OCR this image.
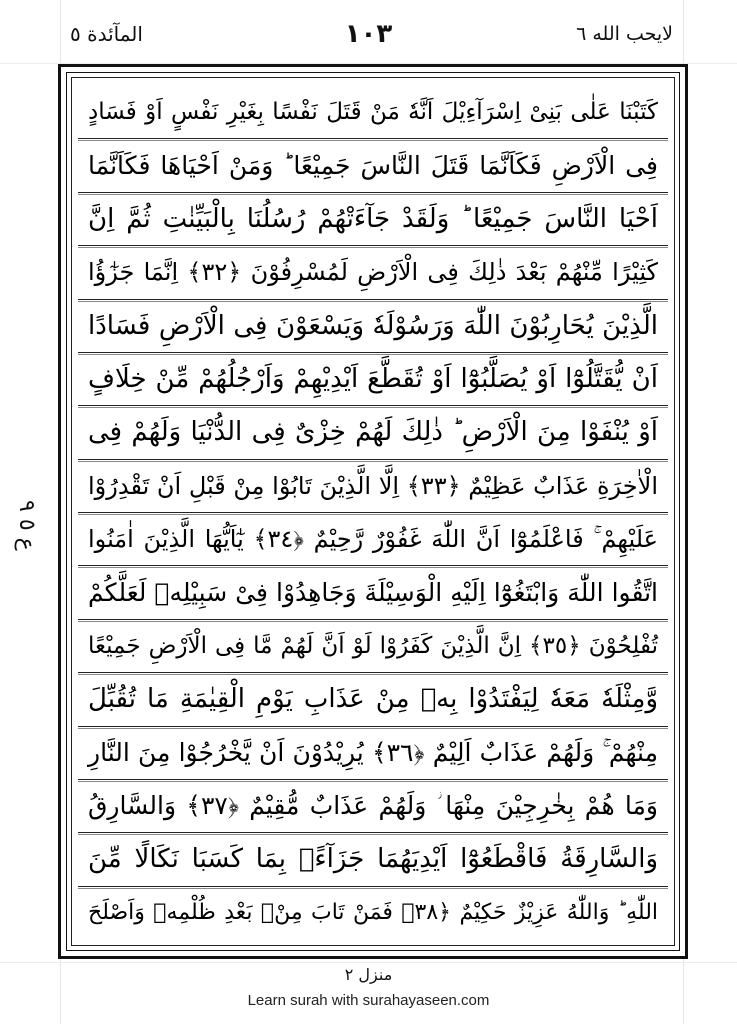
لایحب الله ٦
١٠٣
المآئدة ٥
ع ٥ ٩
كَتَبْنَا عَلٰى بَنِىْ اِسْرَآءِيْلَ اَنَّهٗ مَنْ قَتَلَ نَفْسًا بِغَيْرِ نَفْسٍ اَوْ فَسَادٍ
فِى الْاَرْضِ فَكَاَنَّمَا قَتَلَ النَّاسَ جَمِيْعًا ؕ وَمَنْ اَحْيَاهَا فَكَاَنَّمَا
اَحْيَا النَّاسَ جَمِيْعًا ؕ وَلَقَدْ جَآءَتْهُمْ رُسُلُنَا بِالْبَيِّنٰتِ ثُمَّ اِنَّ
كَثِيْرًا مِّنْهُمْ بَعْدَ ذٰلِكَ فِى الْاَرْضِ لَمُسْرِفُوْنَ ﴿٣٢﴾ اِنَّمَا جَزٰٓؤُا
الَّذِيْنَ يُحَارِبُوْنَ اللّٰهَ وَرَسُوْلَهٗ وَيَسْعَوْنَ فِى الْاَرْضِ فَسَادًا
اَنْ يُّقَتَّلُوْٓا اَوْ يُصَلَّبُوْٓا اَوْ تُقَطَّعَ اَيْدِيْهِمْ وَاَرْجُلُهُمْ مِّنْ خِلَافٍ
اَوْ يُنْفَوْا مِنَ الْاَرْضِ ؕ ذٰلِكَ لَهُمْ خِزْىٌ فِى الدُّنْيَا وَلَهُمْ فِى
الْاٰخِرَةِ عَذَابٌ عَظِيْمٌ ﴿٣٣﴾ اِلَّا الَّذِيْنَ تَابُوْا مِنْ قَبْلِ اَنْ تَقْدِرُوْا
عَلَيْهِمْ ۚ فَاعْلَمُوْٓا اَنَّ اللّٰهَ غَفُوْرٌ رَّحِيْمٌ ﴿٣٤﴾ يٰٓاَيُّهَا الَّذِيْنَ اٰمَنُوا
اتَّقُوا اللّٰهَ وَابْتَغُوْٓا اِلَيْهِ الْوَسِيْلَةَ وَجَاهِدُوْا فِىْ سَبِيْلِهٖ لَعَلَّكُمْ
تُفْلِحُوْنَ ﴿٣٥﴾ اِنَّ الَّذِيْنَ كَفَرُوْا لَوْ اَنَّ لَهُمْ مَّا فِى الْاَرْضِ جَمِيْعًا
وَّمِثْلَهٗ مَعَهٗ لِيَفْتَدُوْا بِهٖ مِنْ عَذَابِ يَوْمِ الْقِيٰمَةِ مَا تُقُبِّلَ
مِنْهُمْ ۚ وَلَهُمْ عَذَابٌ اَلِيْمٌ ﴿٣٦﴾ يُرِيْدُوْنَ اَنْ يَّخْرُجُوْا مِنَ النَّارِ
وَمَا هُمْ بِخٰرِجِيْنَ مِنْهَا ؗ وَلَهُمْ عَذَابٌ مُّقِيْمٌ ﴿٣٧﴾ وَالسَّارِقُ
وَالسَّارِقَةُ فَاقْطَعُوْٓا اَيْدِيَهُمَا جَزَآءًۢ بِمَا كَسَبَا نَكَالًا مِّنَ
اللّٰهِ ؕ وَاللّٰهُ عَزِيْزٌ حَكِيْمٌ ﴿٣٨﴾ فَمَنْ تَابَ مِنْۢ بَعْدِ ظُلْمِهٖ وَاَصْلَحَ
منزل ٢
Learn surah with surahayaseen.com
